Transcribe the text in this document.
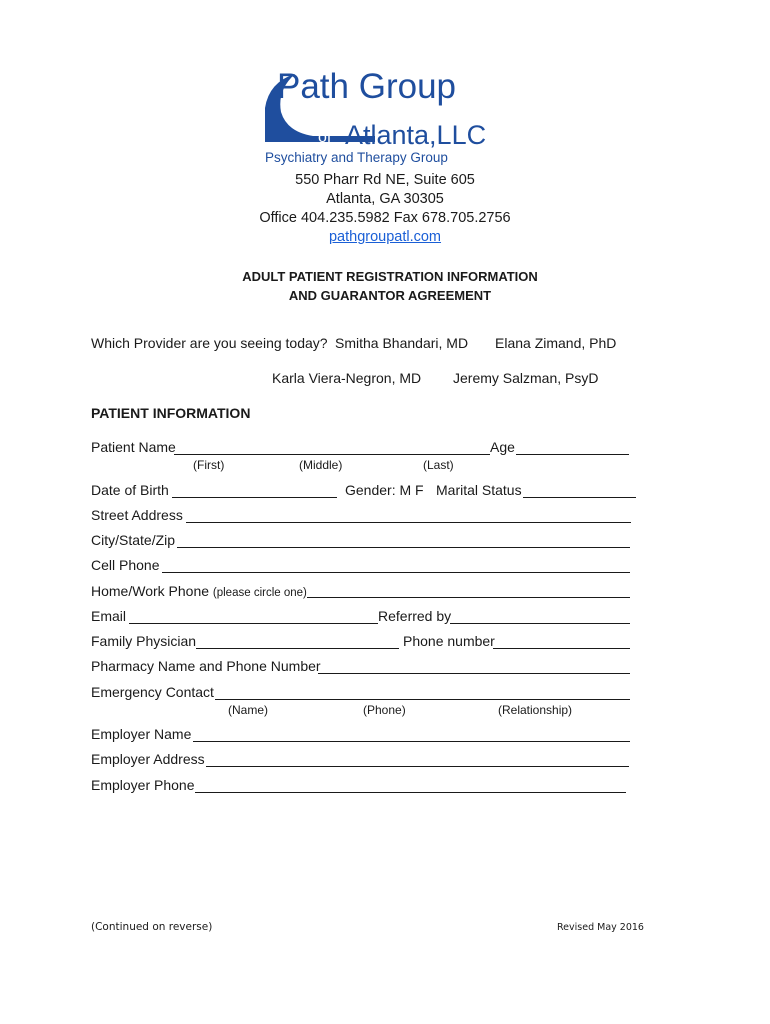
Path Group
of Atlanta,LLC
Psychiatry and Therapy Group
550 Pharr Rd NE, Suite 605
Atlanta, GA 30305
Office 404.235.5982 Fax 678.705.2756
pathgroupatl.com
ADULT PATIENT REGISTRATION INFORMATION
AND GUARANTOR AGREEMENT
Which Provider are you seeing today? Smitha Bhandari, MD Elana Zimand, PhD
Karla Viera-Negron, MD Jeremy Salzman, PsyD
PATIENT INFORMATION
Patient Name	Age
(First)	(Middle)	(Last)
Date of Birth	Gender: M F Marital Status
Street Address
City/State/Zip
Cell Phone
Home/Work Phone (please circle one)
Email	Referred by
Family Physician	Phone number
Pharmacy Name and Phone Number
Emergency Contact
(Name)	(Phone)	(Relationship)
Employer Name
Employer Address
Employer Phone
(Continued on reverse)	Revised May 2016
